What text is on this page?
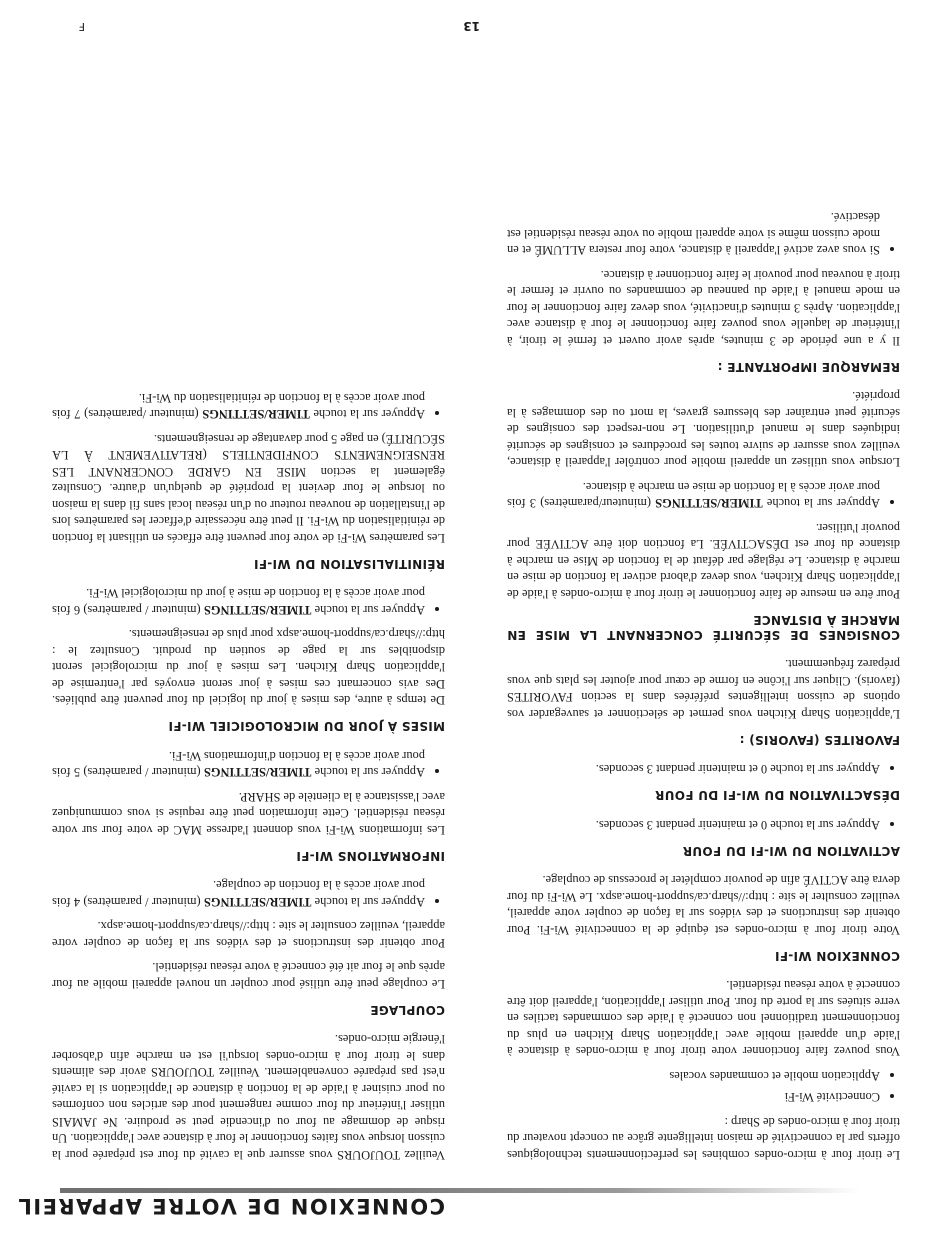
CONNEXION DE VOTRE APPAREIL

Le tiroir four à micro-ondes combines les perfectionnements technologiques offerts par la connectivité de maison intelligente grâce au concept novateur du tiroir four à micro-ondes de Sharp :

• Connectivité Wi-Fi
• Application mobile et commandes vocales

Vous pouvez faire fonctionner votre tiroir four à micro-ondes à distance à l'aide d'un appareil mobile avec l'application Sharp Kitchen en plus du fonctionnement traditionnel non connecté à l'aide des commandes tactiles en verre situées sur la porte du four. Pour utiliser l'application, l'appareil doit être connecté à votre réseau résidentiel.

CONNEXION WI-FI

Votre tiroir four à micro-ondes est équipé de la connectivité Wi-Fi. Pour obtenir des instructions et des vidéos sur la façon de coupler votre appareil, veuillez consulter le site : http://sharp.ca/support-home.aspx. Le Wi-Fi du four devra être ACTIVÉ afin de pouvoir compléter le processus de couplage.

ACTIVATION DU WI-FI DU FOUR
• Appuyer sur la touche 0 et maintenir pendant 3 secondes.
DÉSACTIVATION DU WI-FI DU FOUR
• Appuyer sur la touche 0 et maintenir pendant 3 secondes.
FAVORITES (FAVORIS) :

L'application Sharp Kitchen vous permet de sélectionner et sauvegarder vos options de cuisson intelligentes préférées dans la section FAVORITES (favoris). Cliquer sur l'icône en forme de cœur pour ajouter les plats que vous préparez fréquemment.

CONSIGNES DE SÉCURITÉ CONCERNANT LA MISE EN MARCHE À DISTANCE

Pour être en mesure de faire fonctionner le tiroir four à micro-ondes à l'aide de l'application Sharp Kitchen, vous devez d'abord activer la fonction de mise en marche à distance. Le réglage par défaut de la fonction de Mise en marche à distance du four est DÉSACTIVÉE. La fonction doit être ACTIVÉE pour pouvoir l'utiliser.

• Appuyer sur la touche TIMER/SETTINGS (minuteur/paramètres) 3 fois pour avoir accès à la fonction de mise en marche à distance.

Lorsque vous utilisez un appareil mobile pour contrôler l'appareil à distance, veuillez vous assurer de suivre toutes les procédures et consignes de sécurité indiquées dans le manuel d'utilisation. Le non-respect des consignes de sécurité peut entraîner des blessures graves, la mort ou des dommages à la propriété.

REMARQUE IMPORTANTE :

Il y a une période de 3 minutes, après avoir ouvert et fermé le tiroir, à l'intérieur de laquelle vous pouvez faire fonctionner le four à distance avec l'application. Après 3 minutes d'inactivité, vous devez faire fonctionner le four en mode manuel à l'aide du panneau de commandes ou ouvrir et fermer le tiroir à nouveau pour pouvoir le faire fonctionner à distance.

• Si vous avez activé l'appareil à distance, votre four restera ALLUMÉ et en mode cuisson même si votre appareil mobile ou votre réseau résidentiel est désactivé.

Veuillez TOUJOURS vous assurer que la cavité du four est préparée pour la cuisson lorsque vous faites fonctionner le four à distance avec l'application. Un risque de dommage au four ou d'incendie peut se produire. Ne JAMAIS utiliser l'intérieur du four comme rangement pour des articles non conformes ou pour cuisiner à l'aide de la fonction à distance de l'application si la cavité n'est pas préparée convenablement. Veuillez TOUJOURS avoir des aliments dans le tiroir four à micro-ondes lorsqu'il est en marche afin d'absorber l'énergie micro-ondes.

COUPLAGE

Le couplage peut être utilisé pour coupler un nouvel appareil mobile au four après que le four ait été connecté à votre réseau résidentiel.

Pour obtenir des instructions et des vidéos sur la façon de coupler votre appareil, veuillez consulter le site : http://sharp.ca/support-home.aspx.

• Appuyer sur la touche TIMER/SETTINGS (minuteur / paramètres) 4 fois pour avoir accès à la fonction de couplage.
INFORMATIONS WI-FI

Les informations Wi-Fi vous donnent l'adresse MAC de votre four sur votre réseau résidentiel. Cette information peut être requise si vous communiquez avec l'assistance à la clientèle de SHARP.

• Appuyer sur la touche TIMER/SETTINGS (minuteur / paramètres) 5 fois pour avoir accès à la fonction d'informations Wi-Fi.
MISES À JOUR DU MICROLOGICIEL WI-FI

De temps à autre, des mises à jour du logiciel du four peuvent être publiées. Des avis concernant ces mises à jour seront envoyés par l'entremise de l'application Sharp Kitchen. Les mises à jour du micrologiciel seront disponibles sur la page de soutien du produit. Consultez le : http://sharp.ca/support-home.aspx pour plus de renseignements.

• Appuyer sur la touche TIMER/SETTINGS (minuteur / paramètres) 6 fois pour avoir accès à la fonction de mise à jour du micrologiciel Wi-Fi.
RÉINITIALISATION DU WI-FI

Les paramètres Wi-Fi de votre four peuvent être effacés en utilisant la fonction de réinitialisation du Wi-Fi. Il peut être nécessaire d'effacer les paramètres lors de l'installation de nouveau routeur ou d'un réseau local sans fil dans la maison ou lorsque le four devient la propriété de quelqu'un d'autre. Consultez également la section MISE EN GARDE CONCERNANT LES RENSEIGNEMENTS CONFIDENTIELS (RELATIVEMENT À LA SÉCURITÉ) en page 5 pour davantage de renseignements.

• Appuyer sur la touche TIMER/SETTINGS (minuteur /paramètres) 7 fois pour avoir accès à la fonction de réinitialisation du Wi-Fi.
13
F
